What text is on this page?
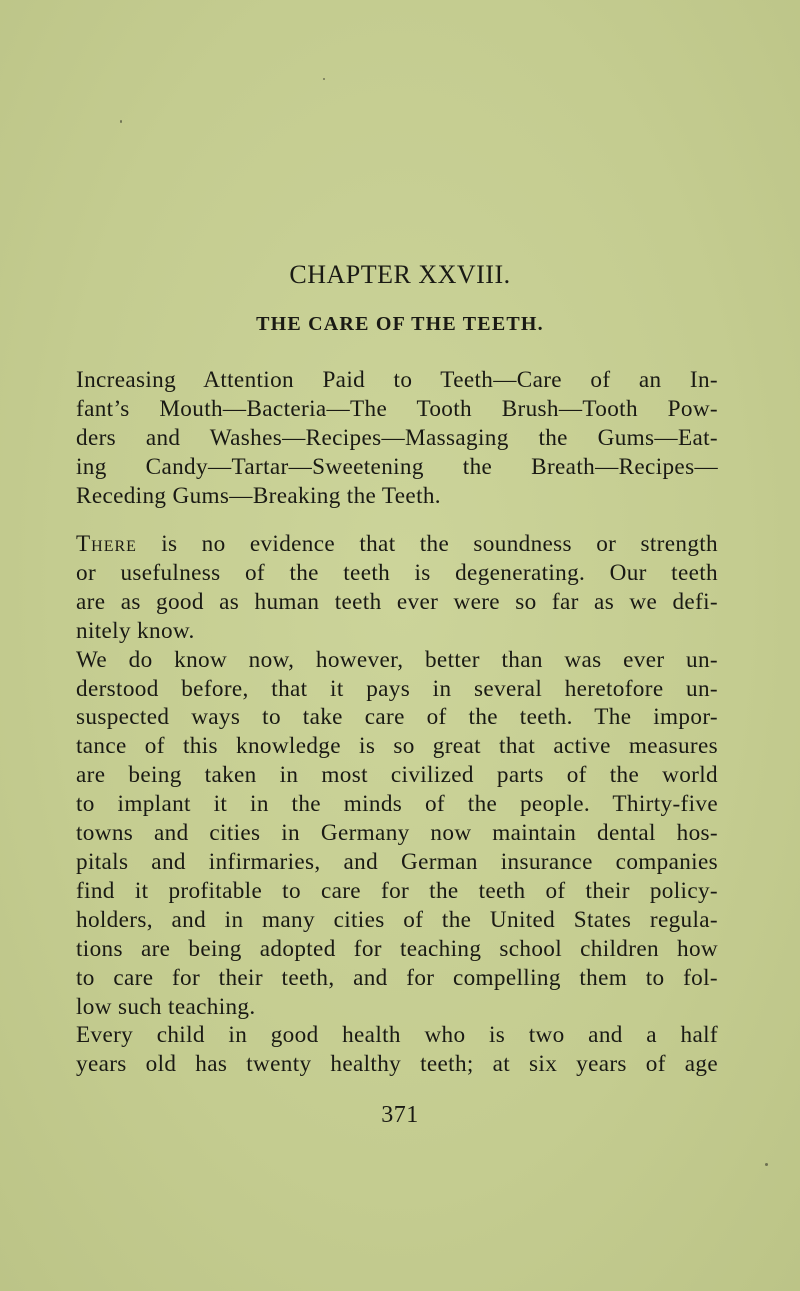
CHAPTER XXVIII.
THE CARE OF THE TEETH.
Increasing Attention Paid to Teeth—Care of an In-
fant’s Mouth—Bacteria—The Tooth Brush—Tooth Pow-
ders and Washes—Recipes—Massaging the Gums—Eat-
ing Candy—Tartar—Sweetening the Breath—Recipes—
Receding Gums—Breaking the Teeth.
There is no evidence that the soundness or strength
or usefulness of the teeth is degenerating. Our teeth
are as good as human teeth ever were so far as we defi-
nitely know.
We do know now, however, better than was ever un-
derstood before, that it pays in several heretofore un-
suspected ways to take care of the teeth. The impor-
tance of this knowledge is so great that active measures
are being taken in most civilized parts of the world
to implant it in the minds of the people. Thirty-five
towns and cities in Germany now maintain dental hos-
pitals and infirmaries, and German insurance companies
find it profitable to care for the teeth of their policy-
holders, and in many cities of the United States regula-
tions are being adopted for teaching school children how
to care for their teeth, and for compelling them to fol-
low such teaching.
Every child in good health who is two and a half
years old has twenty healthy teeth; at six years of age
371
